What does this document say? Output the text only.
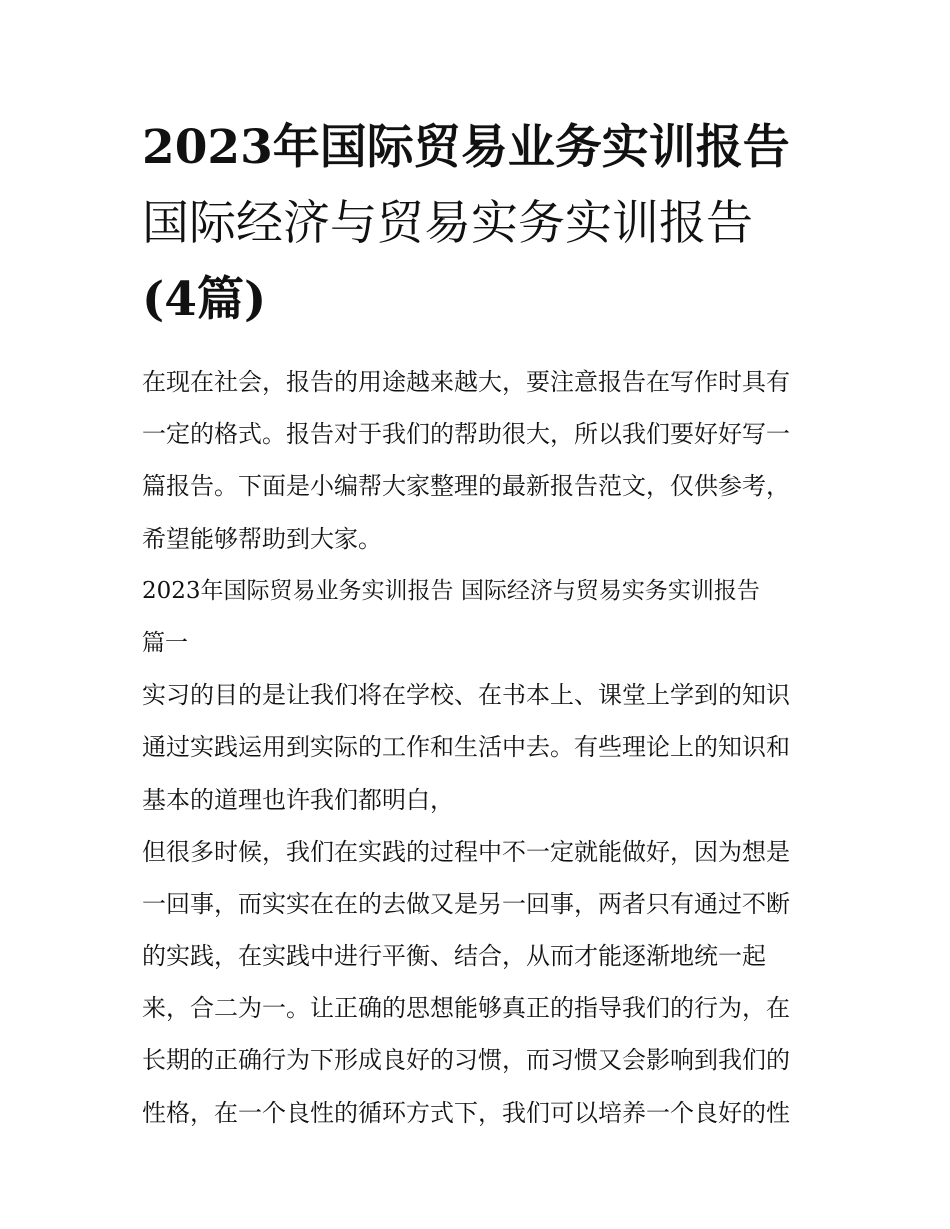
2023年国际贸易业务实训报告
国际经济与贸易实务实训报告
(4篇)
在现在社会，报告的用途越来越大，要注意报告在写作时具有
一定的格式。报告对于我们的帮助很大，所以我们要好好写一
篇报告。下面是小编帮大家整理的最新报告范文，仅供参考，
希望能够帮助到大家。
2023年国际贸易业务实训报告 国际经济与贸易实务实训报告
篇一
实习的目的是让我们将在学校、在书本上、课堂上学到的知识
通过实践运用到实际的工作和生活中去。有些理论上的知识和
基本的道理也许我们都明白，
但很多时候，我们在实践的过程中不一定就能做好，因为想是
一回事，而实实在在的去做又是另一回事，两者只有通过不断
的实践，在实践中进行平衡、结合，从而才能逐渐地统一起
来，合二为一。让正确的思想能够真正的指导我们的行为，在
长期的正确行为下形成良好的习惯，而习惯又会影响到我们的
性格，在一个良性的循环方式下，我们可以培养一个良好的性
